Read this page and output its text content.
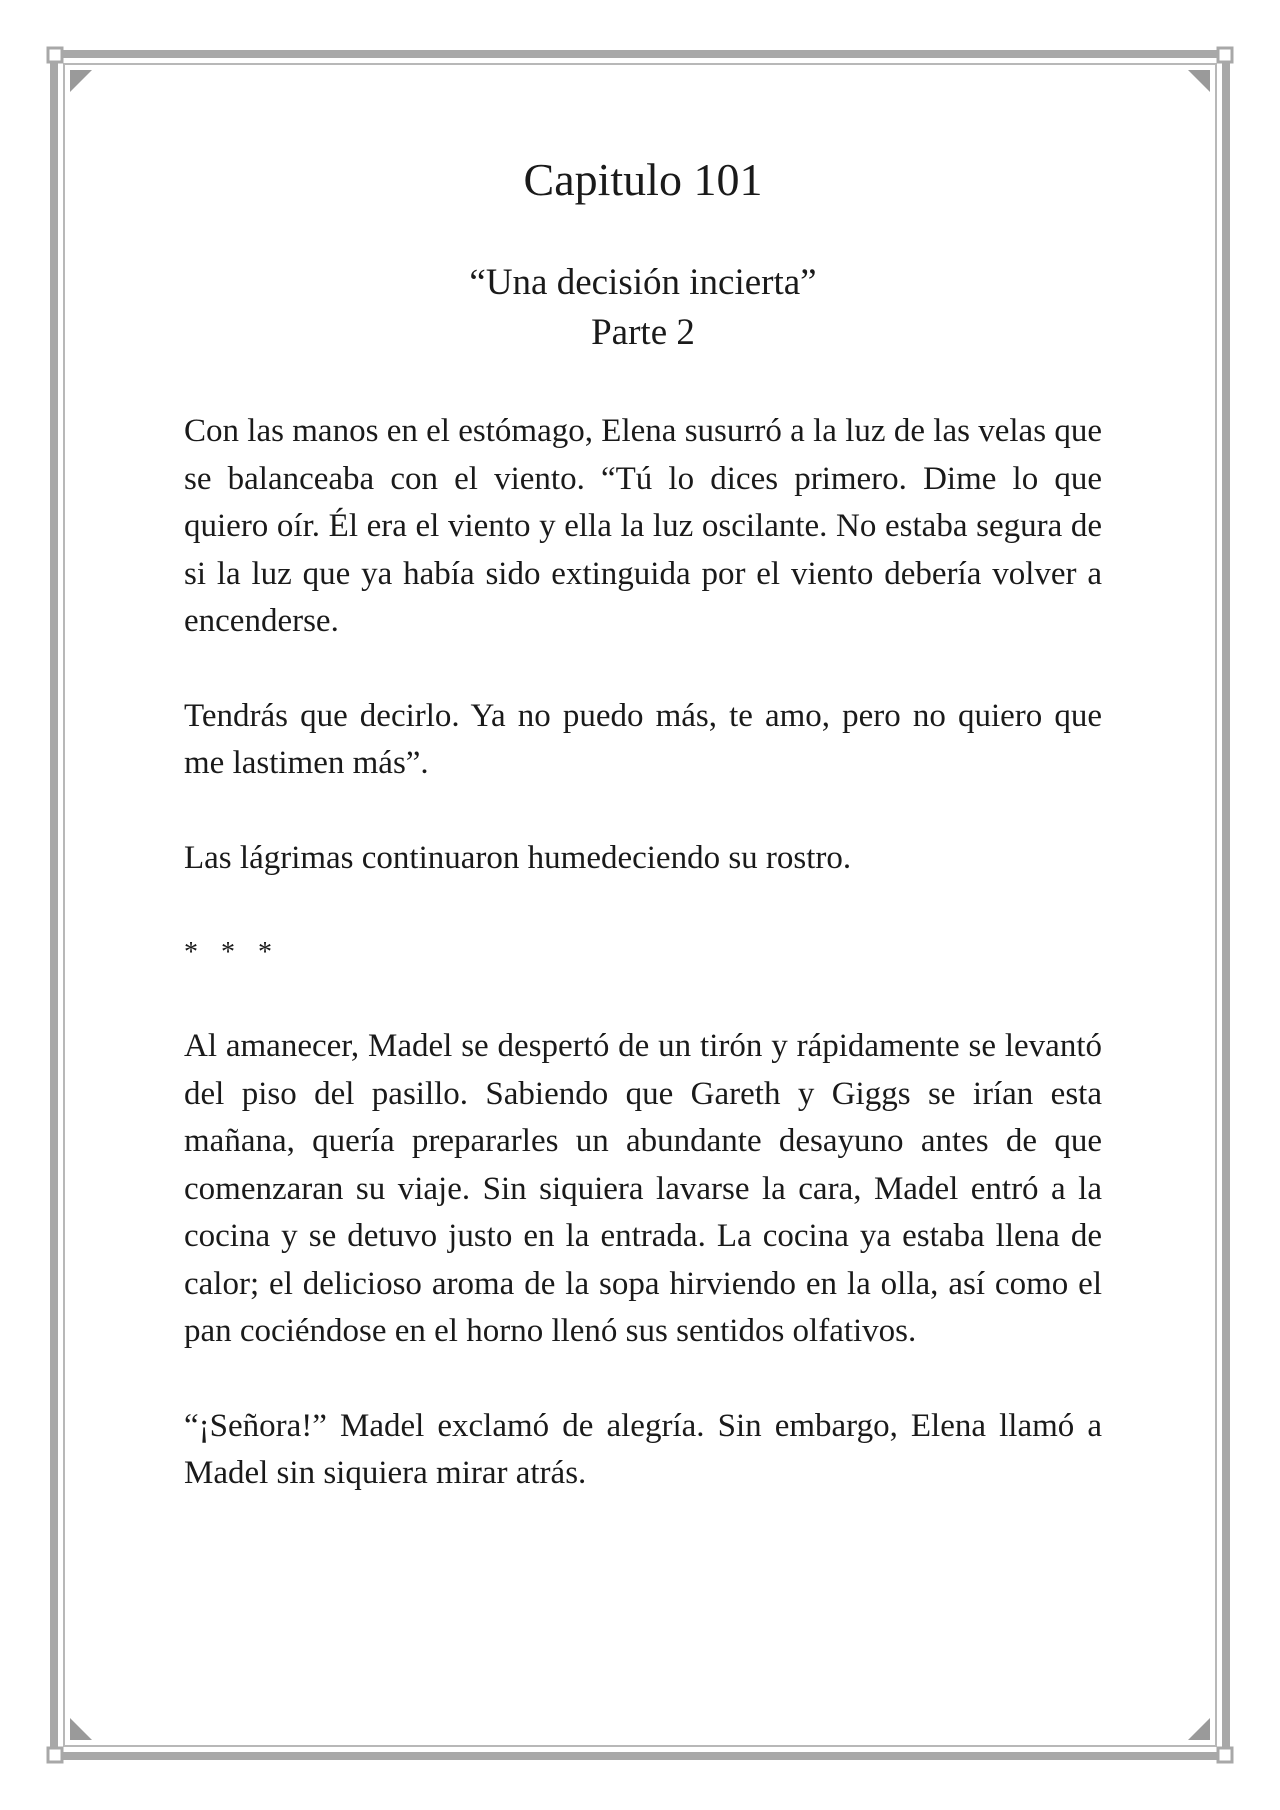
Capitulo 101
“Una decisión incierta”
Parte 2

Con las manos en el estómago, Elena susurró a la luz de las velas que se balanceaba con el viento. “Tú lo dices primero. Dime lo que quiero oír. Él era el viento y ella la luz oscilante. No estaba segura de si la luz que ya había sido extinguida por el viento debería volver a encenderse.

Tendrás que decirlo. Ya no puedo más, te amo, pero no quiero que me lastimen más”.

Las lágrimas continuaron humedeciendo su rostro.

* * *

Al amanecer, Madel se despertó de un tirón y rápidamente se levantó del piso del pasillo. Sabiendo que Gareth y Giggs se irían esta mañana, quería prepararles un abundante desayuno antes de que comenzaran su viaje. Sin siquiera lavarse la cara, Madel entró a la cocina y se detuvo justo en la entrada. La cocina ya estaba llena de calor; el delicioso aroma de la sopa hirviendo en la olla, así como el pan cociéndose en el horno llenó sus sentidos olfativos.

“¡Señora!” Madel exclamó de alegría. Sin embargo, Elena llamó a Madel sin siquiera mirar atrás.
